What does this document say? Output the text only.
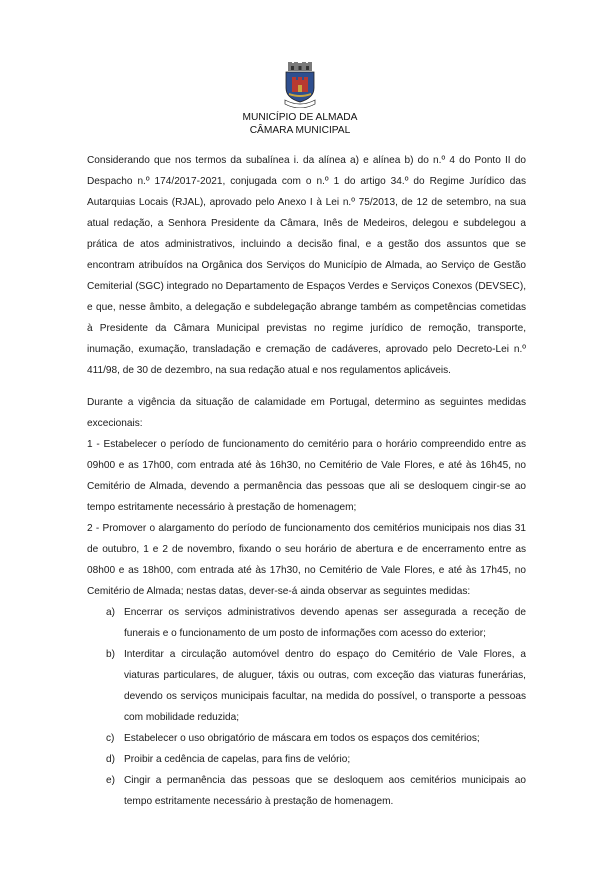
MUNICÍPIO DE ALMADA
CÂMARA MUNICIPAL

Considerando que nos termos da subalínea i. da alínea a) e alínea b) do n.º 4 do Ponto II do Despacho n.º 174/2017-2021, conjugada com o n.º 1 do artigo 34.º do Regime Jurídico das Autarquias Locais (RJAL), aprovado pelo Anexo I à Lei n.º 75/2013, de 12 de setembro, na sua atual redação, a Senhora Presidente da Câmara, Inês de Medeiros, delegou e subdelegou a prática de atos administrativos, incluindo a decisão final, e a gestão dos assuntos que se encontram atribuídos na Orgânica dos Serviços do Município de Almada, ao Serviço de Gestão Cemiterial (SGC) integrado no Departamento de Espaços Verdes e Serviços Conexos (DEVSEC), e que, nesse âmbito, a delegação e subdelegação abrange também as competências cometidas à Presidente da Câmara Municipal previstas no regime jurídico de remoção, transporte, inumação, exumação, transladação e cremação de cadáveres, aprovado pelo Decreto-Lei n.º 411/98, de 30 de dezembro, na sua redação atual e nos regulamentos aplicáveis.

Durante a vigência da situação de calamidade em Portugal, determino as seguintes medidas excecionais:

1 - Estabelecer o período de funcionamento do cemitério para o horário compreendido entre as 09h00 e as 17h00, com entrada até às 16h30, no Cemitério de Vale Flores, e até às 16h45, no Cemitério de Almada, devendo a permanência das pessoas que ali se desloquem cingir-se ao tempo estritamente necessário à prestação de homenagem;

2 - Promover o alargamento do período de funcionamento dos cemitérios municipais nos dias 31 de outubro, 1 e 2 de novembro, fixando o seu horário de abertura e de encerramento entre as 08h00 e as 18h00, com entrada até às 17h30, no Cemitério de Vale Flores, e até às 17h45, no Cemitério de Almada; nestas datas, dever-se-á ainda observar as seguintes medidas:

a) Encerrar os serviços administrativos devendo apenas ser assegurada a receção de funerais e o funcionamento de um posto de informações com acesso do exterior;
b) Interditar a circulação automóvel dentro do espaço do Cemitério de Vale Flores, a viaturas particulares, de aluguer, táxis ou outras, com exceção das viaturas funerárias, devendo os serviços municipais facultar, na medida do possível, o transporte a pessoas com mobilidade reduzida;
c) Estabelecer o uso obrigatório de máscara em todos os espaços dos cemitérios;
d) Proibir a cedência de capelas, para fins de velório;
e) Cingir a permanência das pessoas que se desloquem aos cemitérios municipais ao tempo estritamente necessário à prestação de homenagem.
